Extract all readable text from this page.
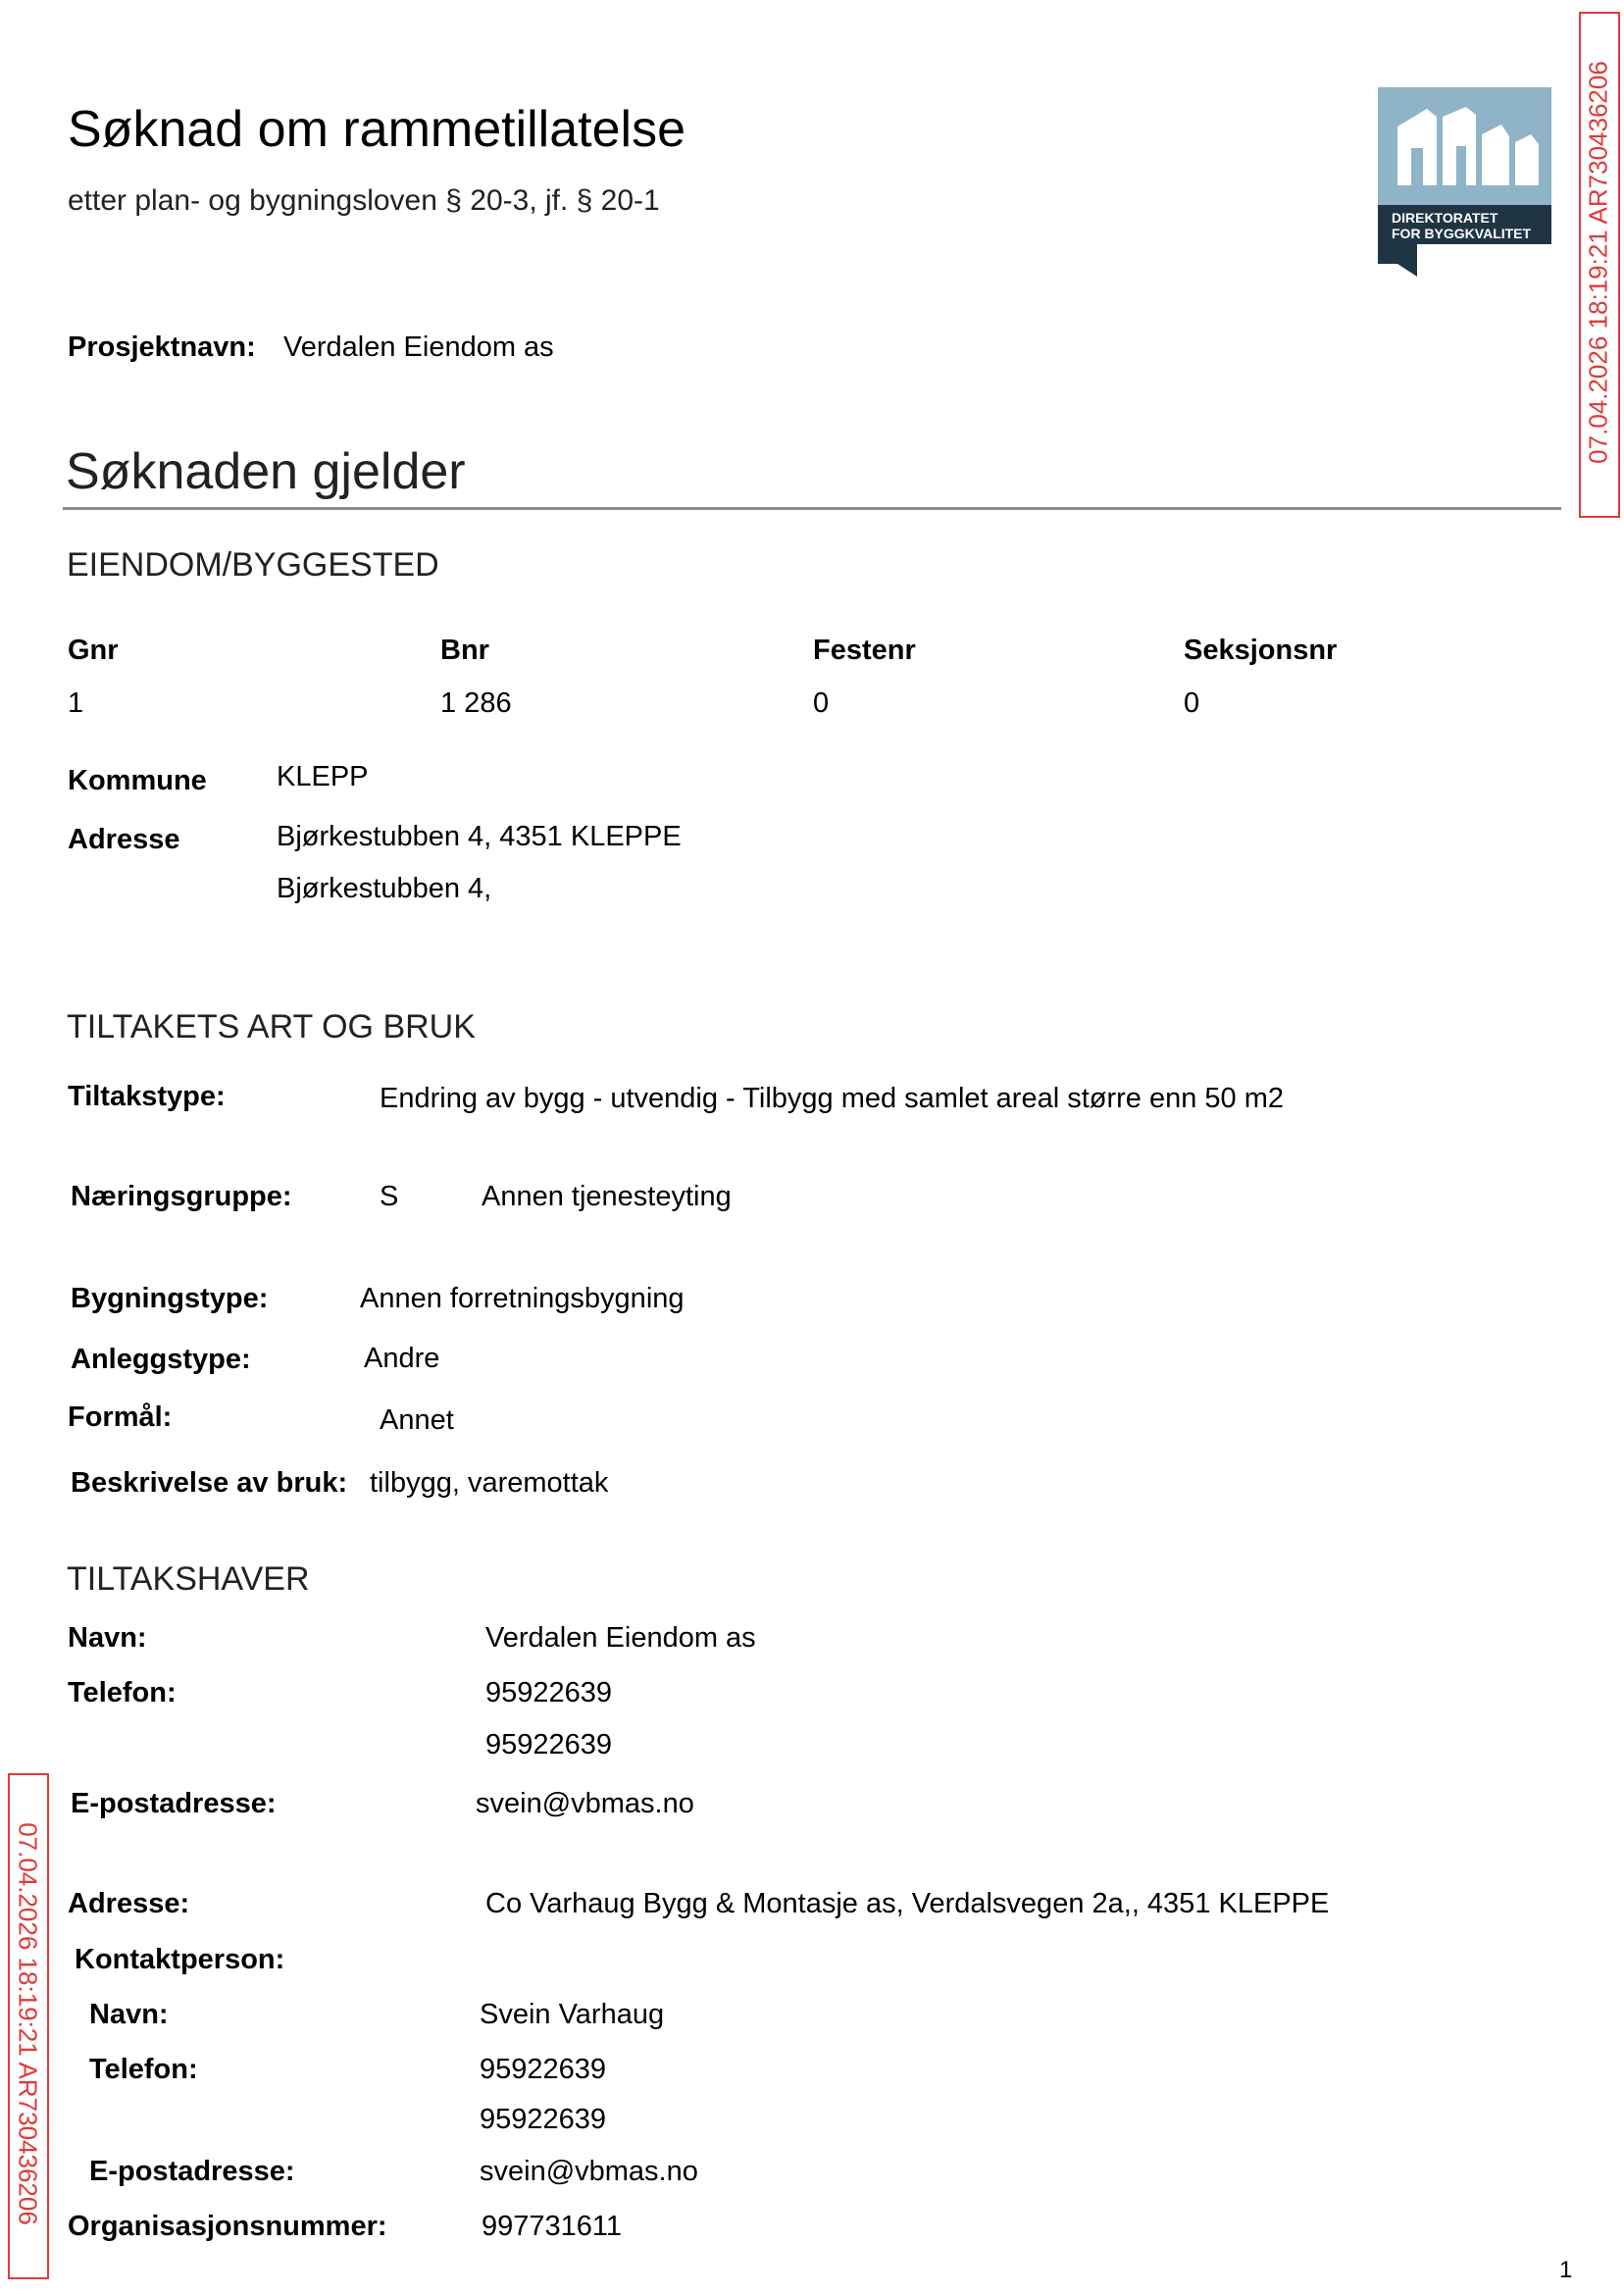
Søknad om rammetillatelse
etter plan- og bygningsloven § 20-3, jf. § 20-1
DIREKTORATET
FOR BYGGKVALITET 07.04.2026 18:19:21 AR730436206
07.04.2026 18:19:21 AR730436206
Prosjektnavn: Verdalen Eiendom as
Søknaden gjelder
EIENDOM/BYGGESTED
Gnr	Bnr	Festenr	Seksjonsnr
1	1 286	0	0
Kommune KLEPP
Adresse	Bjørkestubben 4, 4351 KLEPPE
Bjørkestubben 4,
TILTAKETS ART OG BRUK
Tiltakstype:	Endring av bygg - utvendig - Tilbygg med samlet areal større enn 50 m2
Næringsgruppe:	S	Annen tjenesteyting
Bygningstype:	Annen forretningsbygning
Anleggstype:	Andre
Formål:	Annet
Beskrivelse av bruk: tilbygg, varemottak
TILTAKSHAVER
Navn:	Verdalen Eiendom as
Telefon:	95922639
95922639
E-postadresse:	svein@vbmas.no
Adresse:	Co Varhaug Bygg & Montasje as, Verdalsvegen 2a,, 4351 KLEPPE
Kontaktperson:
Navn:	Svein Varhaug
Telefon:	95922639
95922639
E-postadresse:	svein@vbmas.no
Organisasjonsnummer:	997731611
1
